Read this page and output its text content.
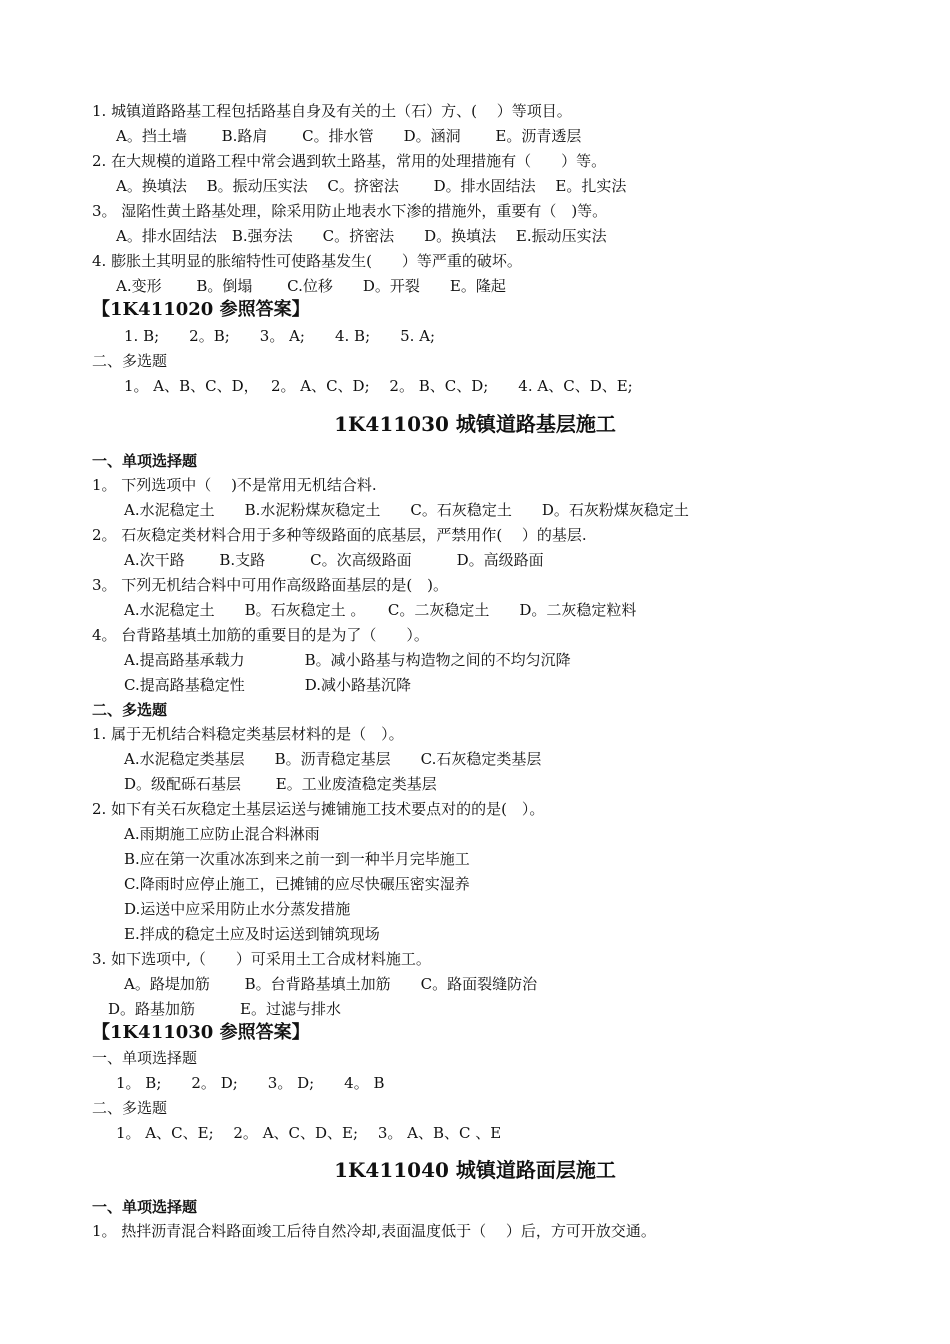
1. 城镇道路路基工程包括路基自身及有关的土（石）方、(　 ）等项目。
A。挡土墙　　 B.路肩　　 C。排水管　　D。涵洞　　 E。沥青透层
2. 在大规模的道路工程中常会遇到软土路基，常用的处理措施有（　　）等。
A。换填法　 B。振动压实法　 C。挤密法　　 D。排水固结法　 E。扎实法
3。 湿陷性黄土路基处理，除采用防止地表水下渗的措施外，重要有（　)等。
A。排水固结法　B.强夯法　　C。挤密法　　D。换填法　 E.振动压实法
4. 膨胀土其明显的胀缩特性可使路基发生(　　）等严重的破坏。
A.变形　　 B。倒塌　　 C.位移　　D。开裂　　E。隆起
【1K411020 参照答案】
1. B;　　2。B;　　3。 A;　　4. B;　　5. A;
二、多选题
1。 A、B、C、D，　 2。 A、C、D;　 2。 B、C、D;　　4. A、C、D、E;
1K411030 城镇道路基层施工
一、单项选择题
1。 下列选项中（　 )不是常用无机结合料.
A.水泥稳定土　　B.水泥粉煤灰稳定土　　C。石灰稳定土　　D。石灰粉煤灰稳定土
2。 石灰稳定类材料合用于多种等级路面的底基层，严禁用作(　 ）的基层.
A.次干路　　 B.支路　　　C。次高级路面　　　D。高级路面
3。 下列无机结合料中可用作高级路面基层的是(　)。
A.水泥稳定土　　B。石灰稳定土 。　　C。二灰稳定土　　D。二灰稳定粒料
4。 台背路基填土加筋的重要目的是为了（　　）。
A.提高路基承载力　　　　B。减小路基与构造物之间的不均匀沉降
C.提高路基稳定性　　　　D.减小路基沉降
二、多选题
1. 属于无机结合料稳定类基层材料的是（　）。
A.水泥稳定类基层　　B。沥青稳定基层　　C.石灰稳定类基层
D。级配砾石基层　　 E。工业废渣稳定类基层
2. 如下有关石灰稳定土基层运送与摊铺施工技术要点对的的是(　）。
A.雨期施工应防止混合料淋雨
B.应在第一次重冰冻到来之前一到一种半月完毕施工
C.降雨时应停止施工，已摊铺的应尽快碾压密实湿养
D.运送中应采用防止水分蒸发措施
E.拌成的稳定土应及时运送到铺筑现场
3. 如下选项中,（　　）可采用土工合成材料施工。
A。路堤加筋　　 B。台背路基填土加筋　　C。路面裂缝防治
D。路基加筋　　　E。过滤与排水
【1K411030 参照答案】
一、单项选择题
1。 B;　　2。 D;　　3。 D;　　4。 B
二、多选题
1。 A、C、E;　 2。 A、C、D、E;　 3。 A、B、C 、E
1K411040 城镇道路面层施工
一、单项选择题
1。 热拌沥青混合料路面竣工后待自然冷却,表面温度低于（　 ）后，方可开放交通。
